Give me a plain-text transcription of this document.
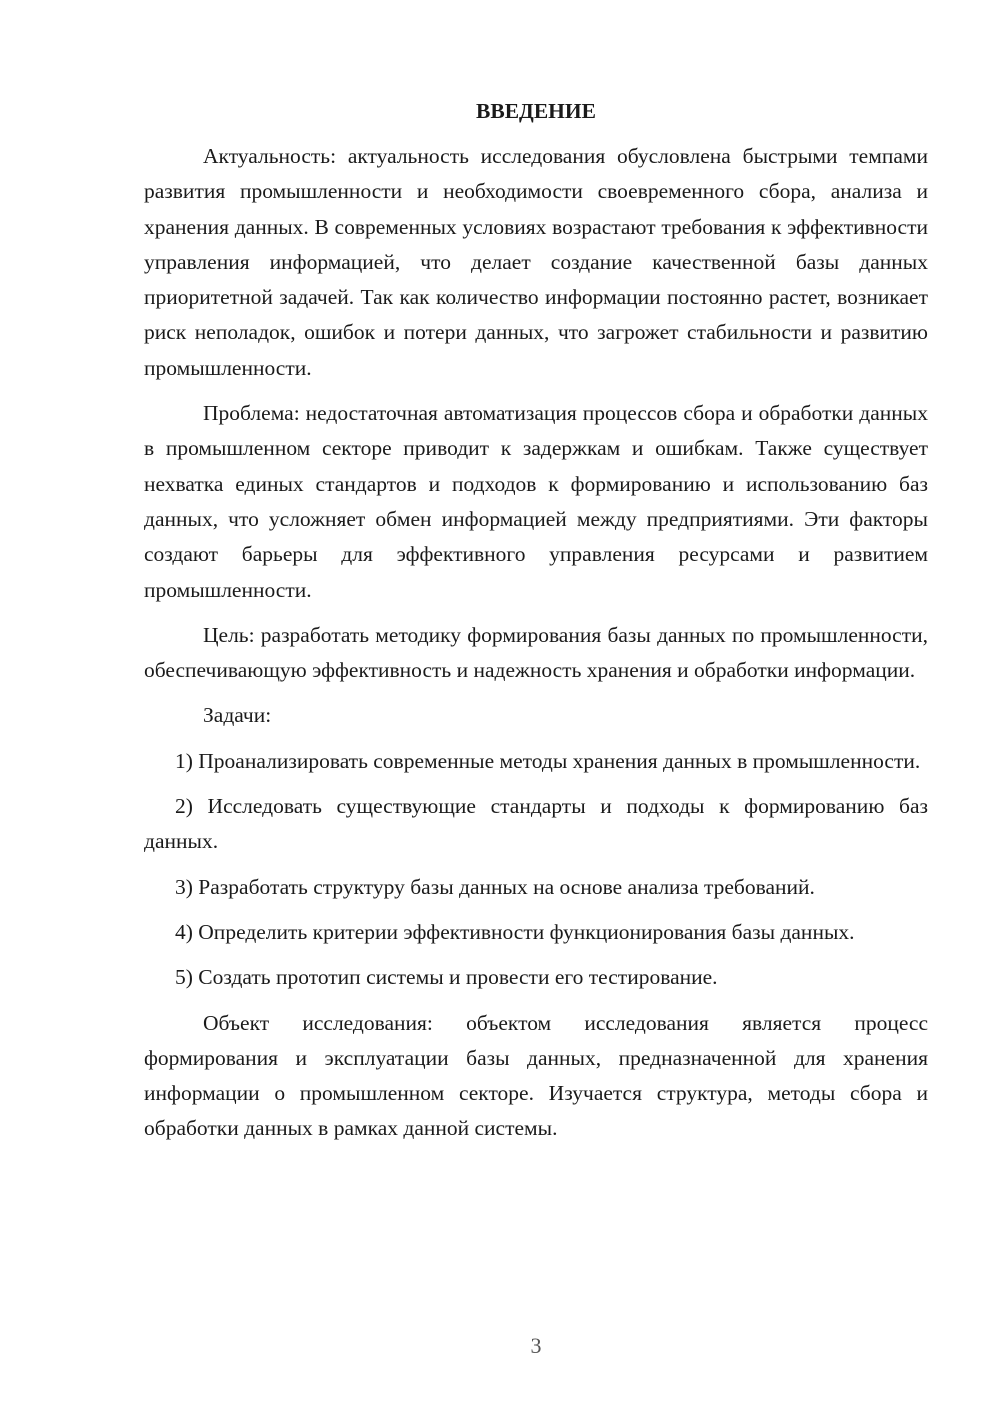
ВВЕДЕНИЕ

Актуальность: актуальность исследования обусловлена быстрыми темпами развития промышленности и необходимости своевременного сбора, анализа и хранения данных. В современных условиях возрастают требования к эффективности управления информацией, что делает создание качественной базы данных приоритетной задачей. Так как количество информации постоянно растет, возникает риск неполадок, ошибок и потери данных, что загрожет стабильности и развитию промышленности.

Проблема: недостаточная автоматизация процессов сбора и обработки данных в промышленном секторе приводит к задержкам и ошибкам. Также существует нехватка единых стандартов и подходов к формированию и использованию баз данных, что усложняет обмен информацией между предприятиями. Эти факторы создают барьеры для эффективного управления ресурсами и развитием промышленности.

Цель: разработать методику формирования базы данных по промышленности, обеспечивающую эффективность и надежность хранения и обработки информации.

Задачи:

1) Проанализировать современные методы хранения данных в промышленности.

2) Исследовать существующие стандарты и подходы к формированию баз данных.

3) Разработать структуру базы данных на основе анализа требований.

4) Определить критерии эффективности функционирования базы данных.

5) Создать прототип системы и провести его тестирование.

Объект исследования: объектом исследования является процесс формирования и эксплуатации базы данных, предназначенной для хранения информации о промышленном секторе. Изучается структура, методы сбора и обработки данных в рамках данной системы.

3
